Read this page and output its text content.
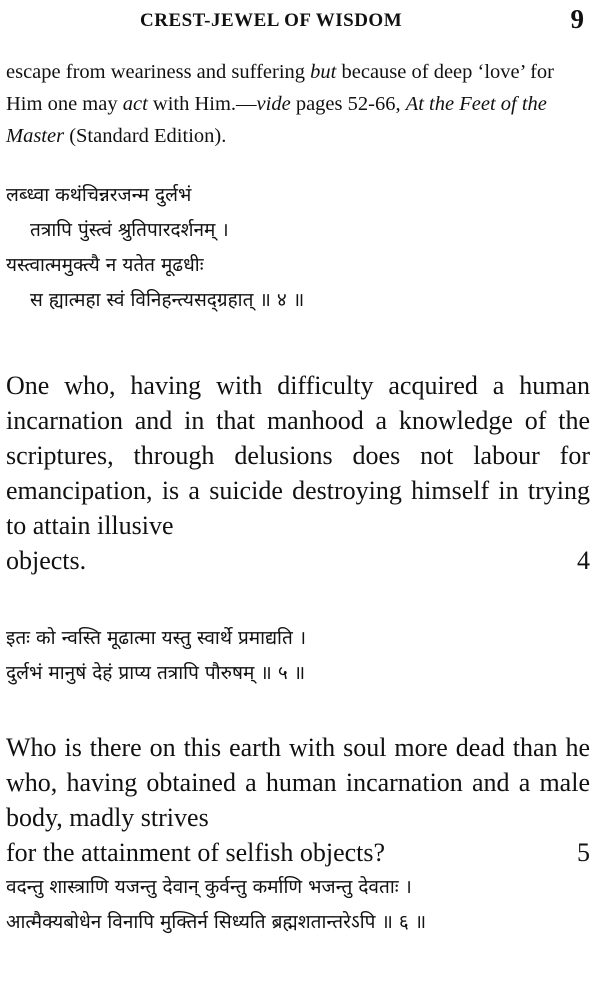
CREST-JEWEL OF WISDOM	9
escape from weariness and suffering but because of deep ‘love’ for Him one may act with Him.—vide pages 52-66, At the Feet of the Master (Standard Edition).
लब्ध्वा कथंचिन्नरजन्म दुर्लभं
तत्रापि पुंस्त्वं श्रुतिपारदर्शनम् ।
यस्त्वात्ममुक्त्यै न यतेत मूढधीः
स ह्यात्महा स्वं विनिहन्त्यसद्ग्रहात् ॥ ४ ॥
One who, having with difficulty acquired a human incarnation and in that manhood a knowledge of the scriptures, through delusions does not labour for emancipation, is a suicide destroying himself in trying to attain illusive
objects.	4
इतः को न्वस्ति मूढात्मा यस्तु स्वार्थे प्रमाद्यति ।
दुर्लभं मानुषं देहं प्राप्य तत्रापि पौरुषम् ॥ ५ ॥
Who is there on this earth with soul more dead than he who, having obtained a human incarnation and a male body, madly strives
for the attainment of selfish objects?	5
वदन्तु शास्त्राणि यजन्तु देवान् कुर्वन्तु कर्माणि भजन्तु देवताः ।
आत्मैक्यबोधेन विनापि मुक्तिर्न सिध्यति ब्रह्मशतान्तरेऽपि ॥ ६ ॥
